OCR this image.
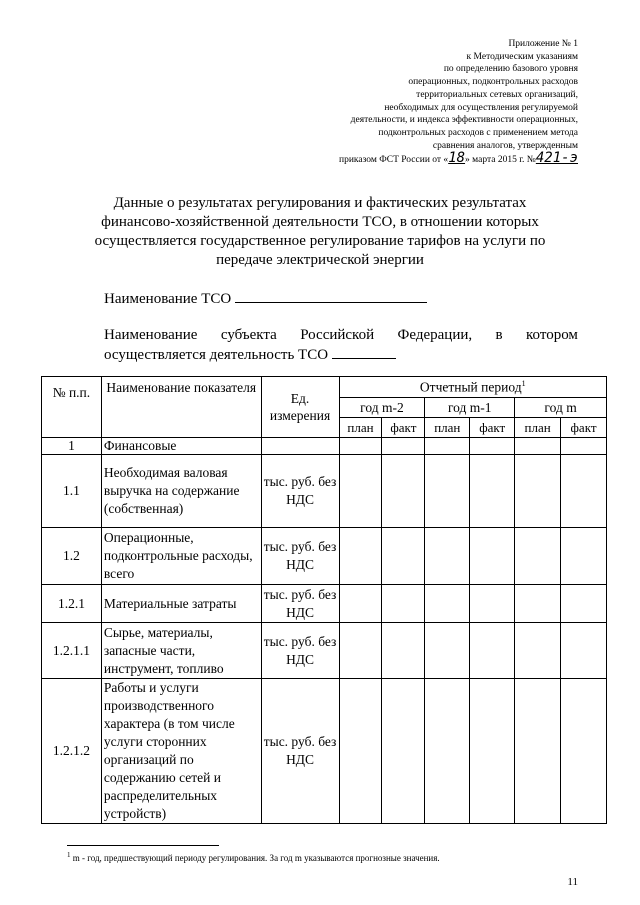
Приложение № 1
к Методическим указаниям
по определению базового уровня
операционных, подконтрольных расходов
территориальных сетевых организаций,
необходимых для осуществления регулируемой
деятельности, и индекса эффективности операционных,
подконтрольных расходов с применением метода
сравнения аналогов, утвержденным
приказом ФСТ России от «18» марта 2015 г. №421-э
Данные о результатах регулирования и фактических результатах
финансово-хозяйственной деятельности ТСО, в отношении которых
осуществляется государственное регулирование тарифов на услуги по
передаче электрической энергии
Наименование ТСО
Наименование субъекта Российской Федерации, в котором
осуществляется деятельность ТСО
№ п.п.	Наименование показателя	Ед. измерения	Отчетный период$^1$
			год m-2		год m-1		год m	
			план	факт	план	факт	план	факт
1	Финансовые							
1.1	Необходимая валовая выручка на содержание (собственная)	тыс. руб. без НДС						
1.2	Операционные, подконтрольные расходы, всего	тыс. руб. без НДС						
1.2.1	Материальные затраты	тыс. руб. без НДС						
1.2.1.1	Сырье, материалы, запасные части, инструмент, топливо	тыс. руб. без НДС						
1.2.1.2	Работы и услуги производственного характера (в том числе услуги сторонних организаций по содержанию сетей и распределительных устройств)	тыс. руб. без НДС						
$^1$ m - год, предшествующий периоду регулирования. За год m указываются прогнозные значения.
11
